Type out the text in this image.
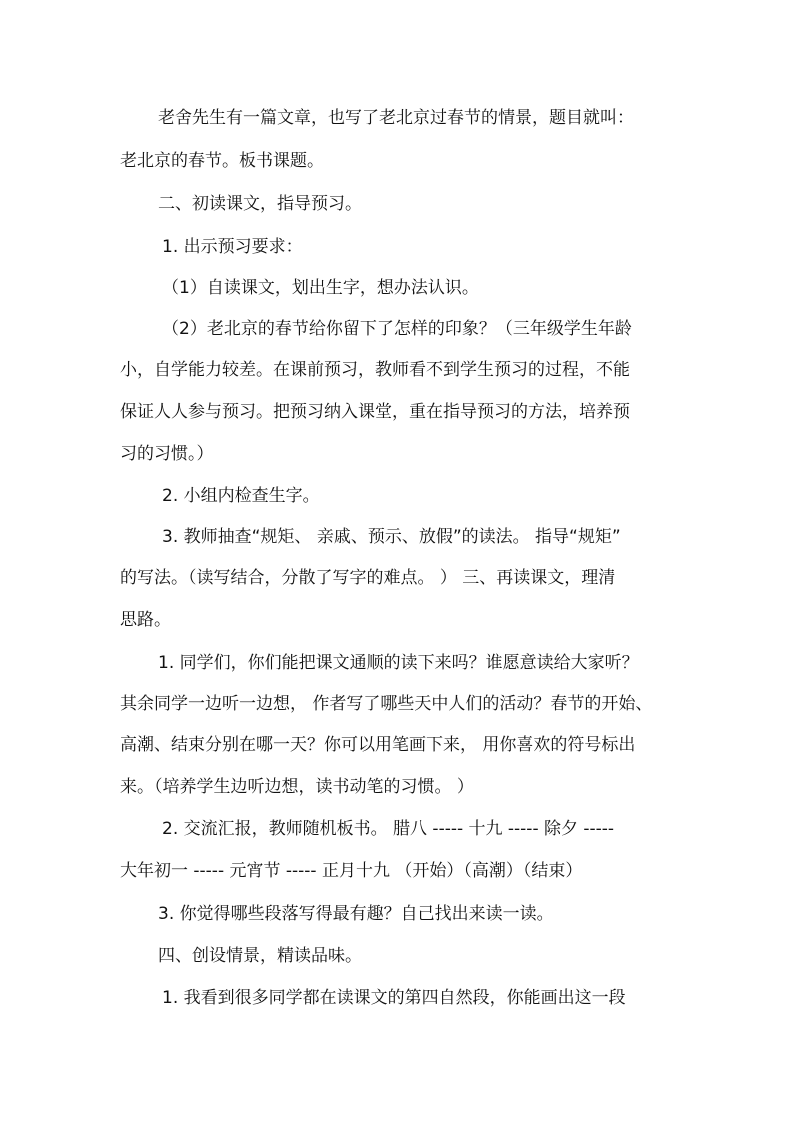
老舍先生有一篇文章，也写了老北京过春节的情景，题目就叫：
老北京的春节。板书课题。
二、初读课文，指导预习。
1. 出示预习要求：
（1）自读课文，划出生字，想办法认识。
（2）老北京的春节给你留下了怎样的印象？（三年级学生年龄
小，自学能力较差。在课前预习，教师看不到学生预习的过程，不能
保证人人参与预习。把预习纳入课堂，重在指导预习的方法，培养预
习的习惯。）
2. 小组内检查生字。
3. 教师抽查“规矩、 亲戚、预示、放假”的读法。 指导“规矩”
的写法。（读写结合，分散了写字的难点。 ） 三、再读课文，理清
思路。
1. 同学们，你们能把课文通顺的读下来吗？谁愿意读给大家听？
其余同学一边听一边想， 作者写了哪些天中人们的活动？春节的开始、
高潮、结束分别在哪一天？你可以用笔画下来， 用你喜欢的符号标出
来。（培养学生边听边想，读书动笔的习惯。 ）
2. 交流汇报，教师随机板书。 腊八 ----- 十九 ----- 除夕 -----
大年初一 ----- 元宵节 ----- 正月十九 （开始）（高潮）（结束）
3. 你觉得哪些段落写得最有趣？自己找出来读一读。
四、创设情景，精读品味。
1. 我看到很多同学都在读课文的第四自然段，你能画出这一段
